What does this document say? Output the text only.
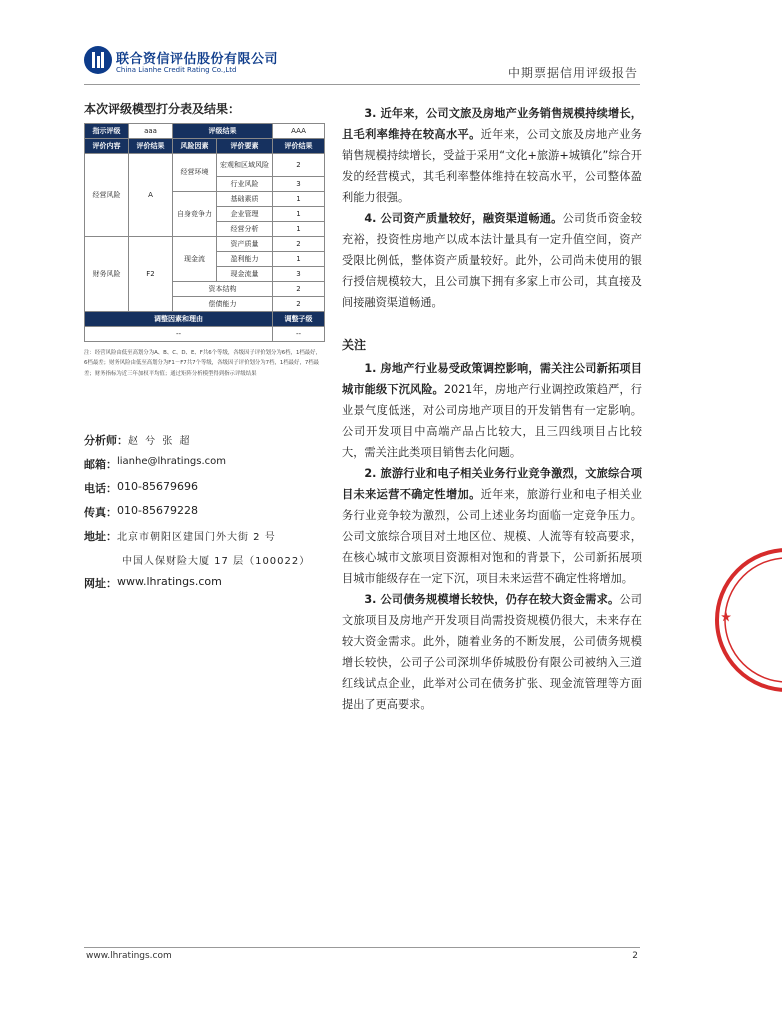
联合资信评估股份有限公司
China Lianhe Credit Rating Co.,Ltd	中期票据信用评级报告
本次评级模型打分表及结果：
指示评级	aaa	评级结果		AAA
评价内容	评价结果	风险因素	评价要素	评价结果
经营风险	A	经营环境	宏观和区域风险	2
			行业风险	3
		自身竞争力	基础素质	1
			企业管理	1
			经营分析	1
财务风险	F2	现金流	资产质量	2
			盈利能力	1
			现金流量	3
		资本结构		2
		偿债能力		2
调整因素和理由				调整子级
--				--
注：经营风险由低至高划分为A、B、C、D、E、F共6个等级，各级因子评价划分为6档，1档最好，6档最差；财务风险由低至高划分为F1－F7共7个等级，各级因子评价划分为7档，1档最好，7档最差；财务指标为近三年加权平均值；通过矩阵分析模型得到指示评级结果
分析师： 赵 兮 张 超
邮箱： lianhe@lhratings.com
电话： 010-85679696
传真： 010-85679228
地址： 北京市朝阳区建国门外大街 2 号
中国人保财险大厦 17 层（100022）
网址： www.lhratings.com

3. 近年来，公司文旅及房地产业务销售规模持续增长，且毛利率维持在较高水平。近年来，公司文旅及房地产业务销售规模持续增长，受益于采用“文化+旅游+城镇化”综合开发的经营模式，其毛利率整体维持在较高水平，公司整体盈利能力很强。

4. 公司资产质量较好，融资渠道畅通。公司货币资金较充裕，投资性房地产以成本法计量具有一定升值空间，资产受限比例低，整体资产质量较好。此外，公司尚未使用的银行授信规模较大，且公司旗下拥有多家上市公司，其直接及间接融资渠道畅通。

关注

1. 房地产行业易受政策调控影响，需关注公司新拓项目城市能级下沉风险。2021年，房地产行业调控政策趋严，行业景气度低迷，对公司房地产项目的开发销售有一定影响。公司开发项目中高端产品占比较大，且三四线项目占比较大，需关注此类项目销售去化问题。

2. 旅游行业和电子相关业务行业竞争激烈，文旅综合项目未来运营不确定性增加。近年来，旅游行业和电子相关业务行业竞争较为激烈，公司上述业务均面临一定竞争压力。公司文旅综合项目对土地区位、规模、人流等有较高要求，在核心城市文旅项目资源相对饱和的背景下，公司新拓展项目城市能级存在一定下沉，项目未来运营不确定性将增加。

3. 公司债务规模增长较快，仍存在较大资金需求。公司文旅项目及房地产开发项目尚需投资规模仍很大，未来存在较大资金需求。此外，随着业务的不断发展，公司债务规模增长较快，公司子公司深圳华侨城股份有限公司被纳入三道红线试点企业，此举对公司在债务扩张、现金流管理等方面提出了更高要求。

★
www.lhratings.com	2
